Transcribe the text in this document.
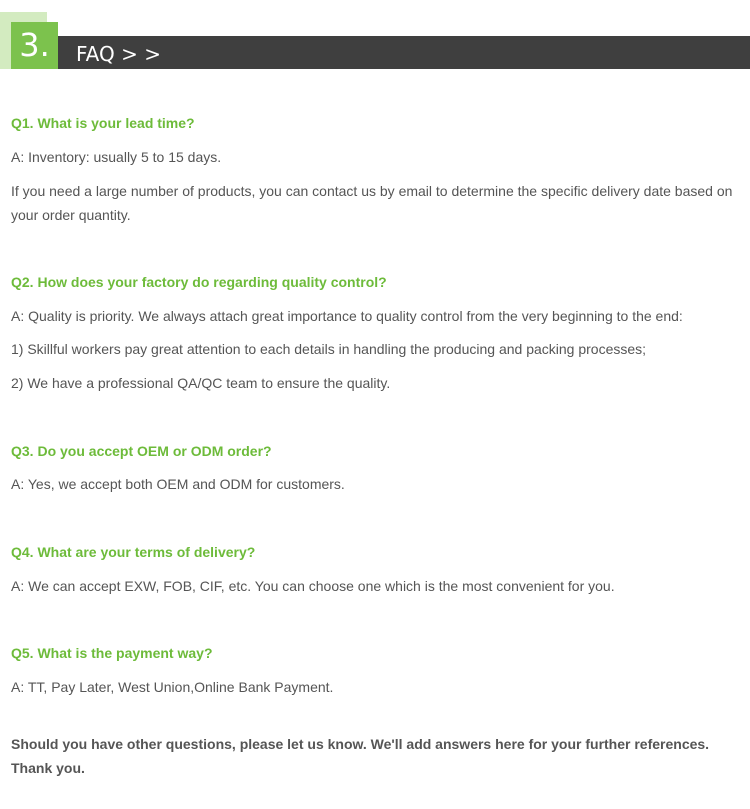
3.	FAQ > >
Q1. What is your lead time?
A: Inventory: usually 5 to 15 days.
If you need a large number of products, you can contact us by email to determine the specific delivery date based on your order quantity.
Q2. How does your factory do regarding quality control?
A: Quality is priority. We always attach great importance to quality control from the very beginning to the end:
1) Skillful workers pay great attention to each details in handling the producing and packing processes;
2) We have a professional QA/QC team to ensure the quality.
Q3. Do you accept OEM or ODM order?
A: Yes, we accept both OEM and ODM for customers.
Q4. What are your terms of delivery?
A: We can accept EXW, FOB, CIF, etc. You can choose one which is the most convenient for you.
Q5. What is the payment way?
A: TT, Pay Later, West Union,Online Bank Payment.
Should you have other questions, please let us know. We'll add answers here for your further references. Thank you.
